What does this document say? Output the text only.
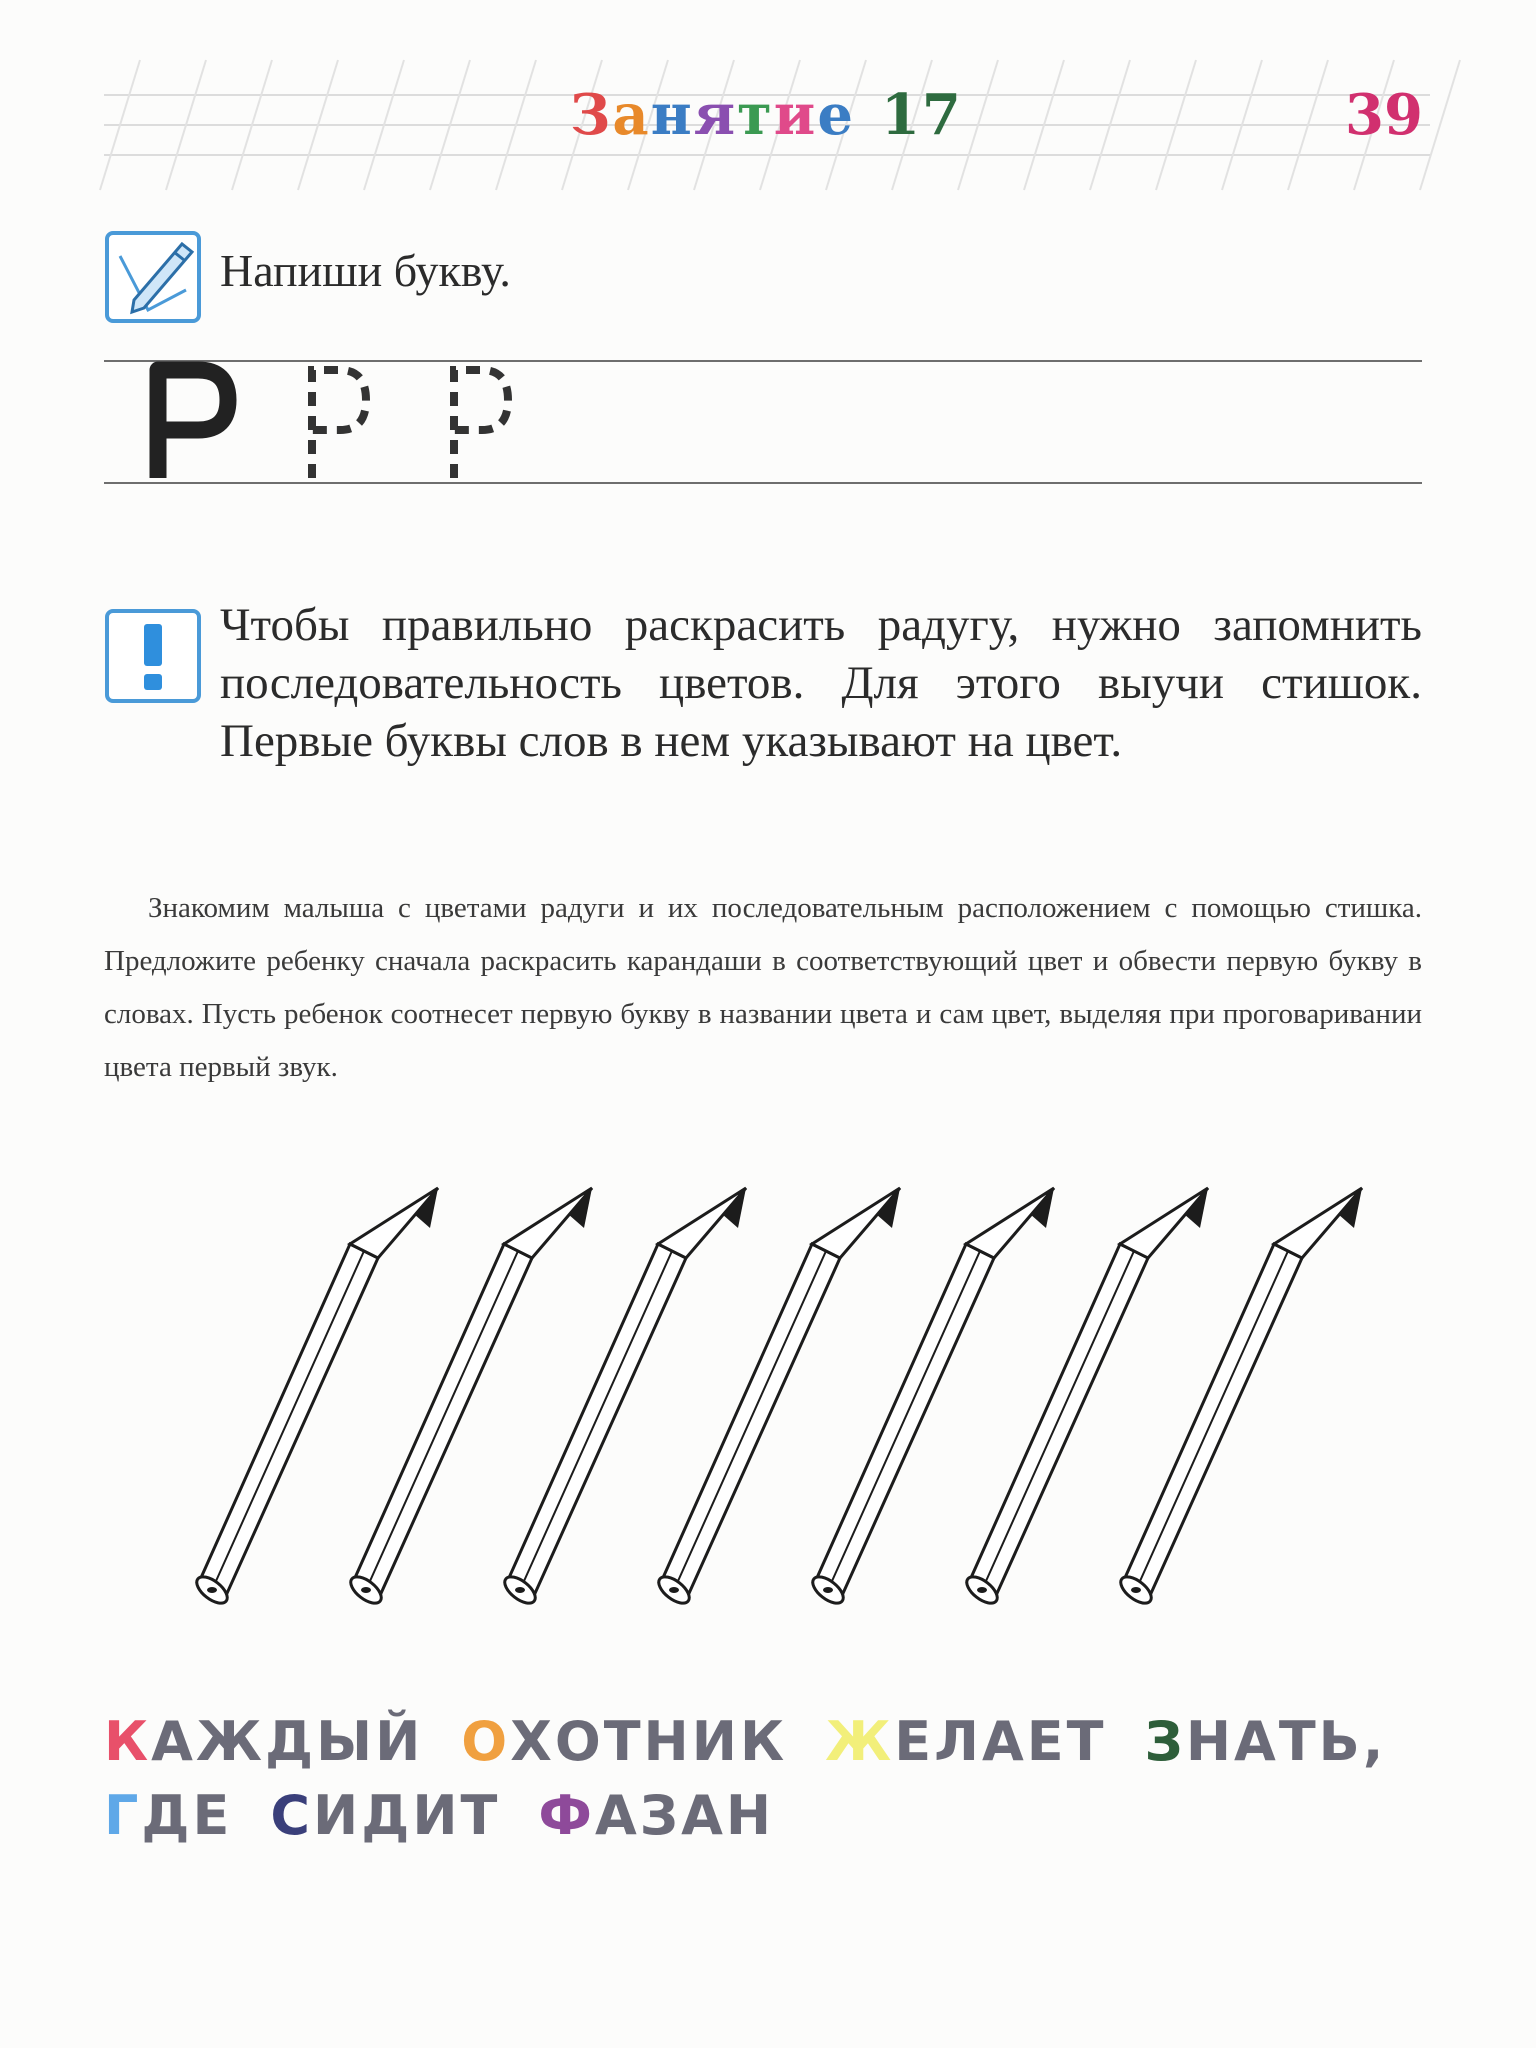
Занятие 17	39
Напиши букву.

Чтобы правильно раскрасить радугу, нужно запомнить последовательность цветов. Для этого выучи стишок. Первые буквы слов в нем указывают на цвет.

Знакомим малыша с цветами радуги и их последовательным расположением с помощью стишка. Предложите ребенку сначала раскрасить карандаши в соответствующий цвет и обвести первую букву в словах. Пусть ребенок соотнесет первую букву в названии цвета и сам цвет, выделяя при проговаривании цвета первый звук.

КАЖДЫЙ ОХОТНИК ЖЕЛАЕТ ЗНАТЬ,
ГДЕ СИДИТ ФАЗАН
